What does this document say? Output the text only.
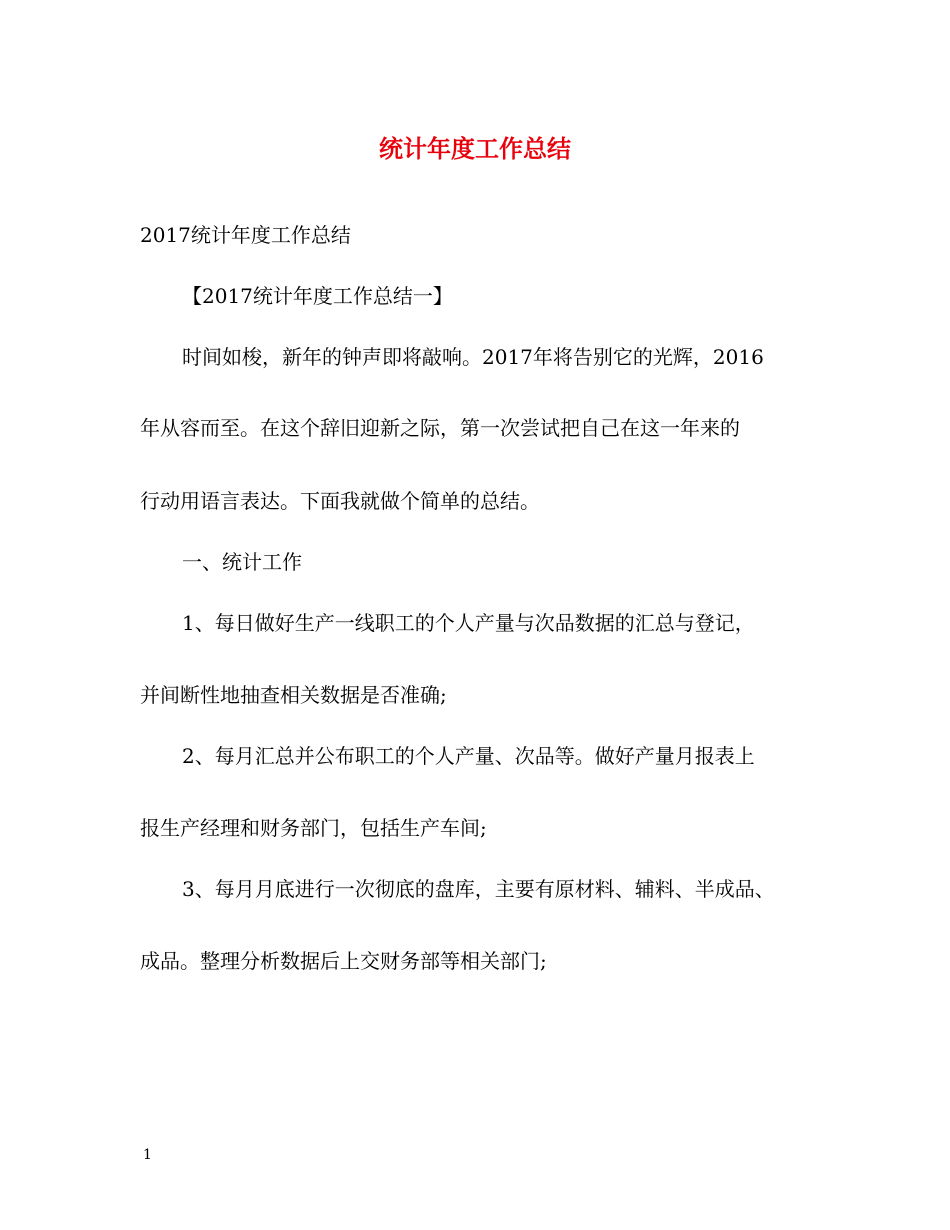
统计年度工作总结

2017统计年度工作总结

【2017统计年度工作总结一】

时间如梭，新年的钟声即将敲响。2017年将告别它的光辉，2016

年从容而至。在这个辞旧迎新之际，第一次尝试把自己在这一年来的

行动用语言表达。下面我就做个简单的总结。

一、统计工作

1、每日做好生产一线职工的个人产量与次品数据的汇总与登记，

并间断性地抽查相关数据是否准确;

2、每月汇总并公布职工的个人产量、次品等。做好产量月报表上

报生产经理和财务部门，包括生产车间;

3、每月月底进行一次彻底的盘库，主要有原材料、辅料、半成品、

成品。整理分析数据后上交财务部等相关部门;

1
